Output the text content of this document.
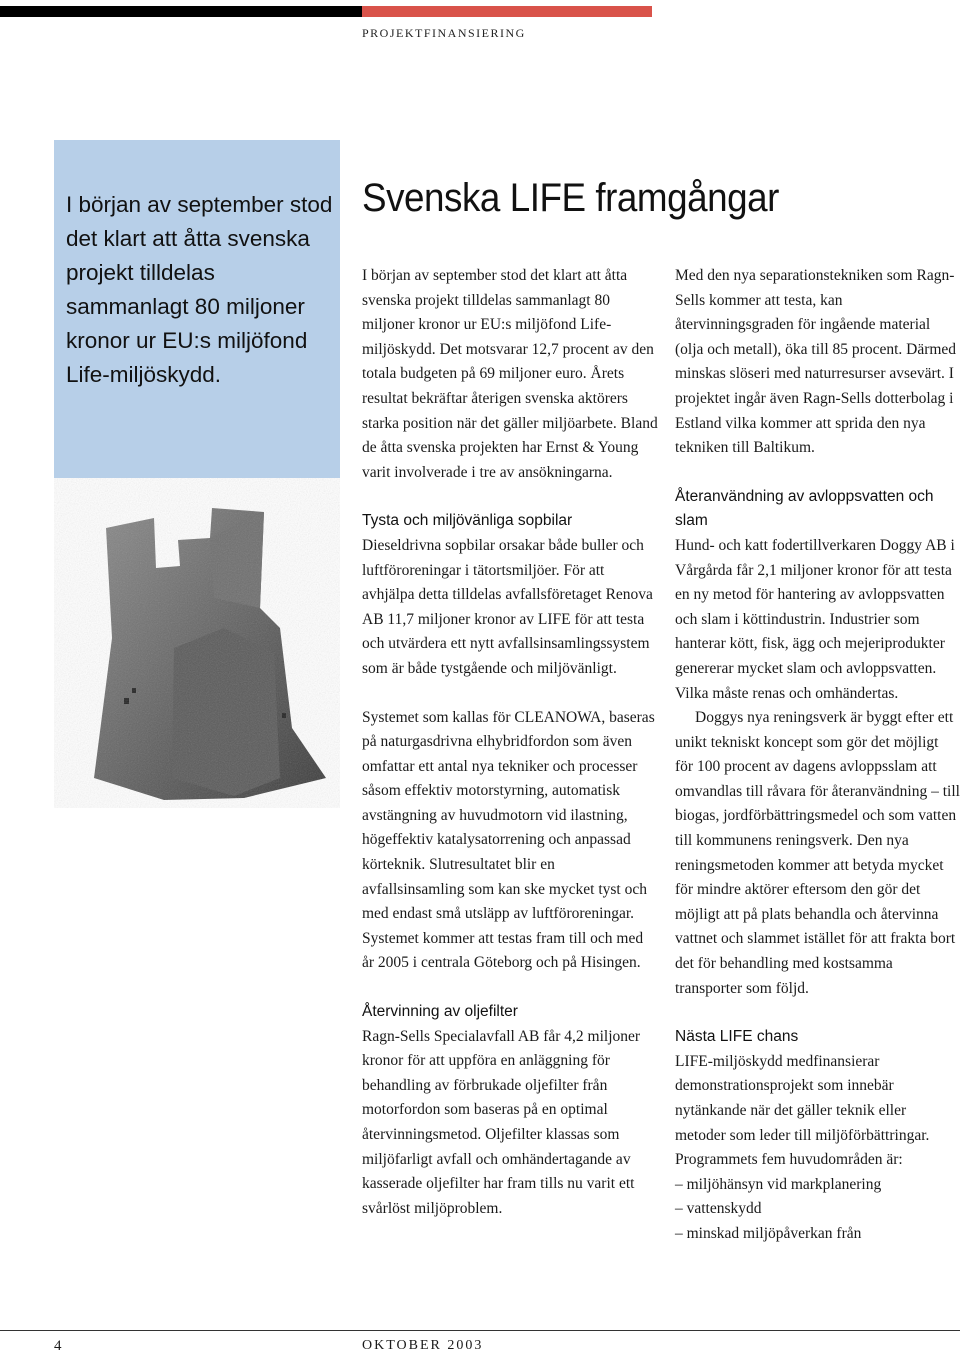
PROJEKTFINANSIERING
I början av september stod det klart att åtta svenska projekt tilldelas sammanlagt 80 miljoner kronor ur EU:s miljöfond Life-miljöskydd.
Svenska LIFE framgångar

I början av september stod det klart att åtta svenska projekt tilldelas sammanlagt 80 miljoner kronor ur EU:s miljöfond Life-miljöskydd. Det motsvarar 12,7 procent av den totala budgeten på 69 miljoner euro. Årets resultat bekräftar återigen svenska aktörers starka position när det gäller miljöarbete. Bland de åtta svenska projekten har Ernst & Young varit involverade i tre av ansökningarna.

Tysta och miljövänliga sopbilar

Dieseldrivna sopbilar orsakar både buller och luftföroreningar i tätortsmiljöer. För att avhjälpa detta tilldelas avfallsföretaget Renova AB 11,7 miljoner kronor av LIFE för att testa och utvärdera ett nytt avfallsinsamlingssystem som är både tystgående och miljövänligt.

Systemet som kallas för CLEANOWA, baseras på naturgasdrivna elhybridfordon som även omfattar ett antal nya tekniker och processer såsom effektiv motorstyrning, automatisk avstängning av huvudmotorn vid ilastning, högeffektiv katalysatorrening och anpassad körteknik. Slutresultatet blir en avfallsinsamling som kan ske mycket tyst och med endast små utsläpp av luftföroreningar. Systemet kommer att testas fram till och med år 2005 i centrala Göteborg och på Hisingen.

Återvinning av oljefilter

Ragn-Sells Specialavfall AB får 4,2 miljoner kronor för att uppföra en anläggning för behandling av förbrukade oljefilter från motorfordon som baseras på en optimal återvinningsmetod. Oljefilter klassas som miljöfarligt avfall och omhändertagande av kasserade oljefilter har fram tills nu varit ett svårlöst miljöproblem.

Med den nya separationstekniken som Ragn-Sells kommer att testa, kan återvinningsgraden för ingående material (olja och metall), öka till 85 procent. Därmed minskas slöseri med naturresurser avsevärt. I projektet ingår även Ragn-Sells dotterbolag i Estland vilka kommer att sprida den nya tekniken till Baltikum.

Återanvändning av avloppsvatten och slam

Hund- och katt fodertillverkaren Doggy AB i Vårgårda får 2,1 miljoner kronor för att testa en ny metod för hantering av avloppsvatten och slam i köttindustrin. Industrier som hanterar kött, fisk, ägg och mejeriprodukter genererar mycket slam och avloppsvatten. Vilka måste renas och omhändertas.

Doggys nya reningsverk är byggt efter ett unikt tekniskt koncept som gör det möjligt för 100 procent av dagens avloppsslam att omvandlas till råvara för återanvändning – till biogas, jordförbättringsmedel och som vatten till kommunens reningsverk. Den nya reningsmetoden kommer att betyda mycket för mindre aktörer eftersom den gör det möjligt att på plats behandla och återvinna vattnet och slammet istället för att frakta bort det för behandling med kostsamma transporter som följd.

Nästa LIFE chans

LIFE-miljöskydd medfinansierar demonstrationsprojekt som innebär nytänkande när det gäller teknik eller metoder som leder till miljöförbättringar. Programmets fem huvudområden är:

– miljöhänsyn vid markplanering

– vattenskydd

– minskad miljöpåverkan från

4	OKTOBER 2003
